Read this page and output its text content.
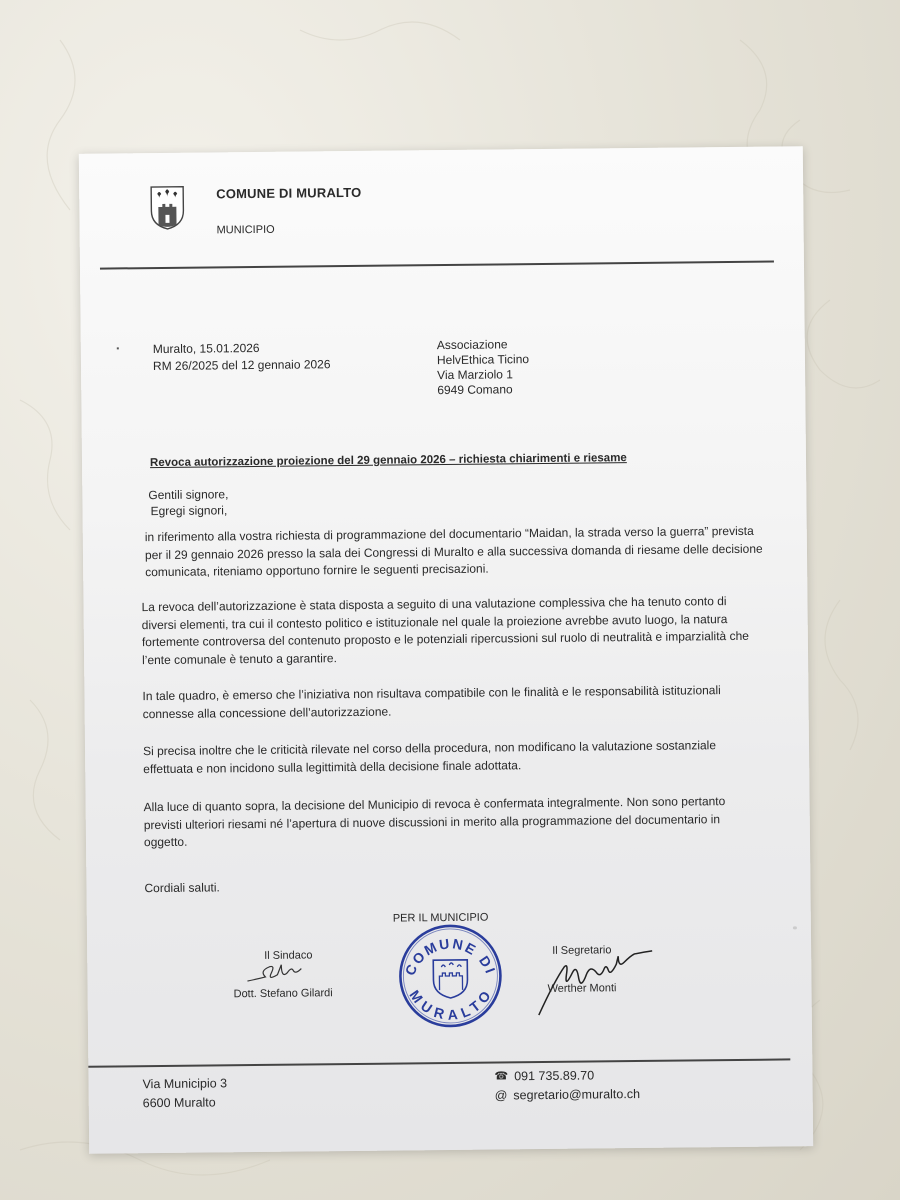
COMUNE DI MURALTO
MUNICIPIO
Muralto, 15.01.2026
RM 26/2025 del 12 gennaio 2026
Associazione
HelvEthica Ticino
Via Marziolo 1
6949 Comano
Revoca autorizzazione proiezione del 29 gennaio 2026 – richiesta chiarimenti e riesame
Gentili signore,
Egregi signori,
in riferimento alla vostra richiesta di programmazione del documentario “Maidan, la strada verso la guerra” prevista per il 29 gennaio 2026 presso la sala dei Congressi di Muralto e alla successiva domanda di riesame delle decisione comunicata, riteniamo opportuno fornire le seguenti precisazioni.
La revoca dell’autorizzazione è stata disposta a seguito di una valutazione complessiva che ha tenuto conto di diversi elementi, tra cui il contesto politico e istituzionale nel quale la proiezione avrebbe avuto luogo, la natura fortemente controversa del contenuto proposto e le potenziali ripercussioni sul ruolo di neutralità e imparzialità che l’ente comunale è tenuto a garantire.
In tale quadro, è emerso che l’iniziativa non risultava compatibile con le finalità e le responsabilità istituzionali connesse alla concessione dell’autorizzazione.
Si precisa inoltre che le criticità rilevate nel corso della procedura, non modificano la valutazione sostanziale effettuata e non incidono sulla legittimità della decisione finale adottata.
Alla luce di quanto sopra, la decisione del Municipio di revoca è confermata integralmente. Non sono pertanto previsti ulteriori riesami né l’apertura di nuove discussioni in merito alla programmazione del documentario in oggetto.
Cordiali saluti.
PER IL MUNICIPIO
COMUNE DI
MURALTO
Il Sindaco
Dott. Stefano Gilardi
Il Segretario
Werther Monti
Via Municipio 3
6600 Muralto
☎ 091 735.89.70
@ segretario@muralto.ch
